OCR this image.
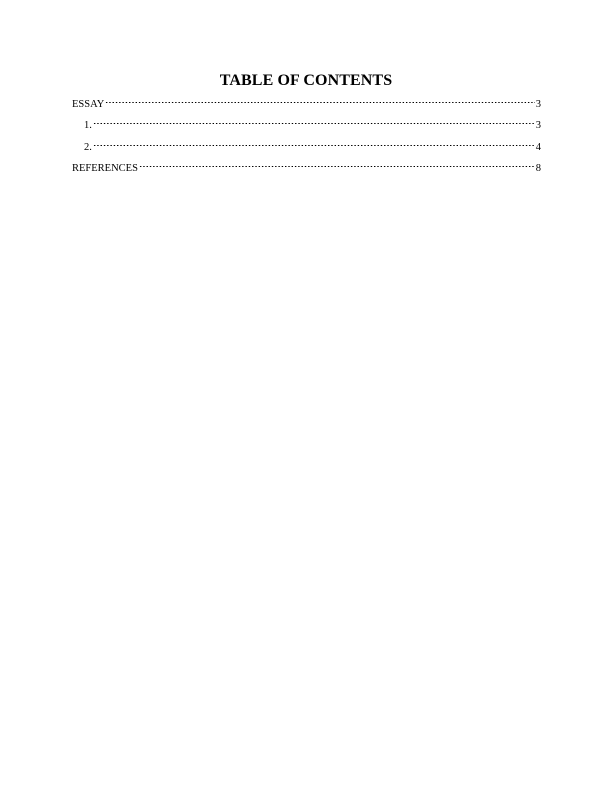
TABLE OF CONTENTS
ESSAY	3
1.	3
2.	4
REFERENCES	8
